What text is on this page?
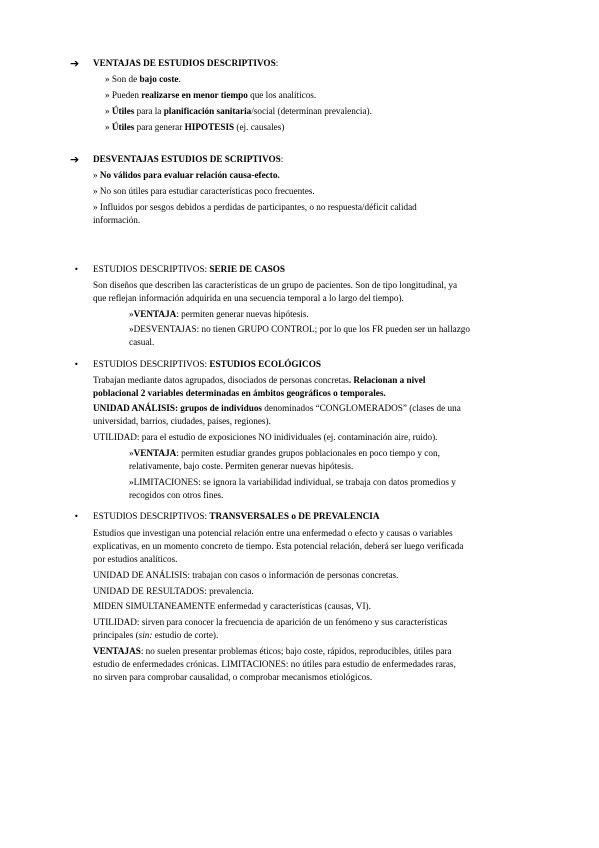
➔ VENTAJAS DE ESTUDIOS DESCRIPTIVOS:
» Son de bajo coste.
» Pueden realizarse en menor tiempo que los analíticos.
» Útiles para la planificación sanitaria/social (determinan prevalencia).
» Útiles para generar HIPOTESIS (ej. causales)
➔ DESVENTAJAS ESTUDIOS DE SCRIPTIVOS:
» No válidos para evaluar relación causa-efecto.
» No son útiles para estudiar características poco frecuentes.
» Influidos por sesgos debidos a perdidas de participantes, o no respuesta/déficit calidad
información.
• ESTUDIOS DESCRIPTIVOS: SERIE DE CASOS
Son diseños que describen las características de un grupo de pacientes. Son de tipo longitudinal, ya
que reflejan información adquirida en una secuencia temporal a lo largo del tiempo).
»VENTAJA: permiten generar nuevas hipótesis.
»DESVENTAJAS: no tienen GRUPO CONTROL; por lo que los FR pueden ser un hallazgo
casual.
• ESTUDIOS DESCRIPTIVOS: ESTUDIOS ECOLÓGICOS
Trabajan mediante datos agrupados, disociados de personas concretas. Relacionan a nivel
poblacional 2 variables determinadas en ámbitos geográficos o temporales.
UNIDAD ANÁLISIS: grupos de individuos denominados “CONGLOMERADOS” (clases de una
universidad, barrios, ciudades, países, regiones).
UTILIDAD: para el estudio de exposiciones NO inidividuales (ej. contaminación aire, ruido).
»VENTAJA: permiten estudiar grandes grupos poblacionales en poco tiempo y con,
relativamente, bajo coste. Permiten generar nuevas hipótesis.
»LIMITACIONES: se ignora la variabilidad individual, se trabaja con datos promedios y
recogidos con otros fines.
• ESTUDIOS DESCRIPTIVOS: TRANSVERSALES o DE PREVALENCIA
Estudios que investigan una potencial relación entre una enfermedad o efecto y causas o variables
explicativas, en un momento concreto de tiempo. Esta potencial relación, deberá ser luego verificada
por estudios analíticos.
UNIDAD DE ANÁLISIS: trabajan con casos o información de personas concretas.
UNIDAD DE RESULTADOS: prevalencia.
MIDEN SIMULTANEAMENTE enfermedad y características (causas, VI).
UTILIDAD: sirven para conocer la frecuencia de aparición de un fenómeno y sus características
principales (sin: estudio de corte).
VENTAJAS: no suelen presentar problemas éticos; bajo coste, rápidos, reproducibles, útiles para
estudio de enfermedades crónicas. LIMITACIONES: no útiles para estudio de enfermedades raras,
no sirven para comprobar causalidad, o comprobar mecanismos etiológicos.
